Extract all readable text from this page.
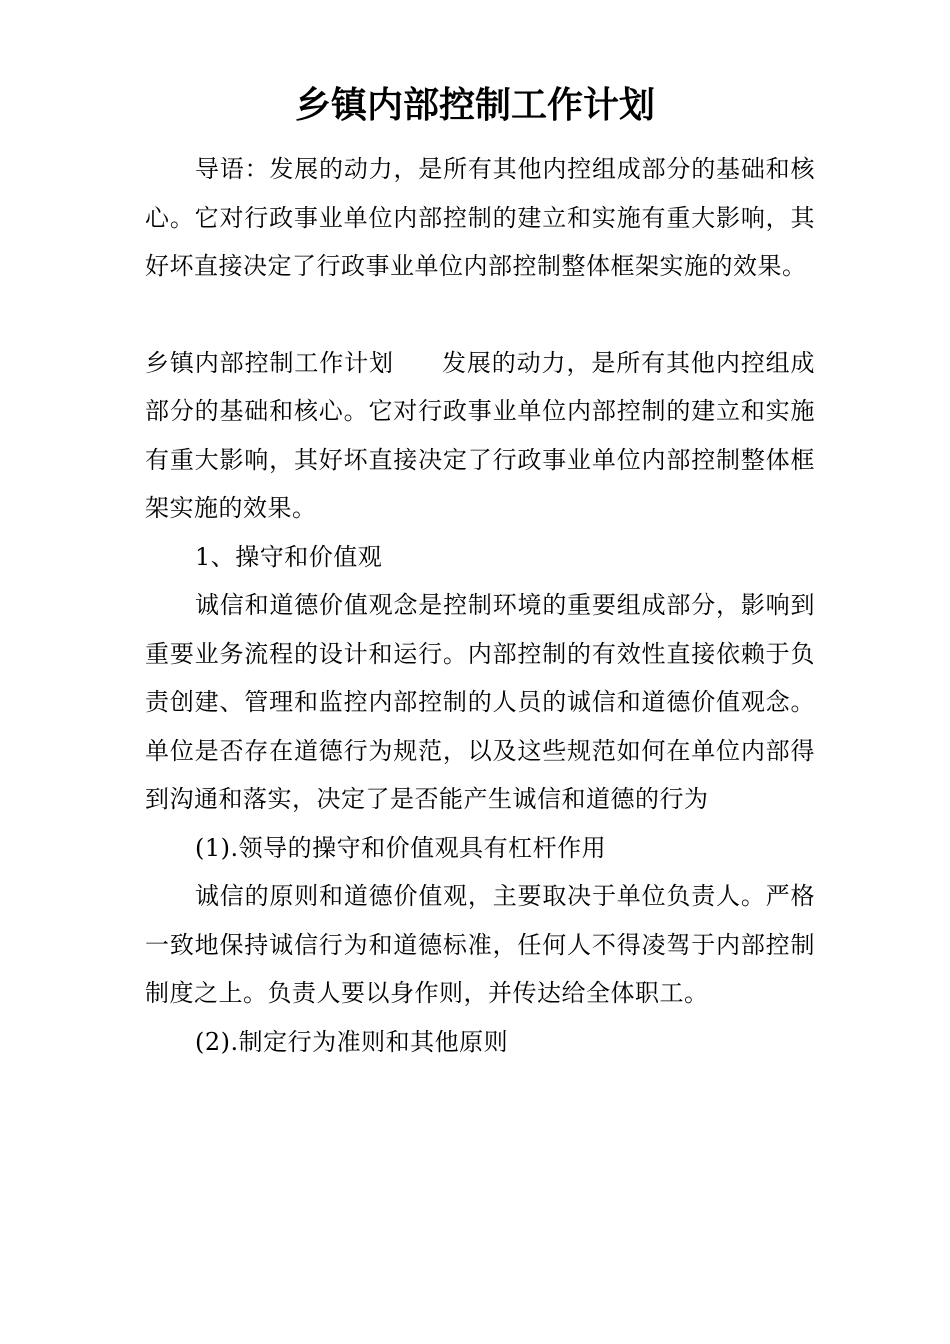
乡镇内部控制工作计划

导语：发展的动力，是所有其他内控组成部分的基础和核心。它对行政事业单位内部控制的建立和实施有重大影响，其好坏直接决定了行政事业单位内部控制整体框架实施的效果。

乡镇内部控制工作计划 发展的动力，是所有其他内控组成部分的基础和核心。它对行政事业单位内部控制的建立和实施有重大影响，其好坏直接决定了行政事业单位内部控制整体框架实施的效果。

1、操守和价值观

诚信和道德价值观念是控制环境的重要组成部分，影响到重要业务流程的设计和运行。内部控制的有效性直接依赖于负责创建、管理和监控内部控制的人员的诚信和道德价值观念。单位是否存在道德行为规范，以及这些规范如何在单位内部得到沟通和落实，决定了是否能产生诚信和道德的行为

(1).领导的操守和价值观具有杠杆作用

诚信的原则和道德价值观，主要取决于单位负责人。严格一致地保持诚信行为和道德标准，任何人不得凌驾于内部控制制度之上。负责人要以身作则，并传达给全体职工。

(2).制定行为准则和其他原则
